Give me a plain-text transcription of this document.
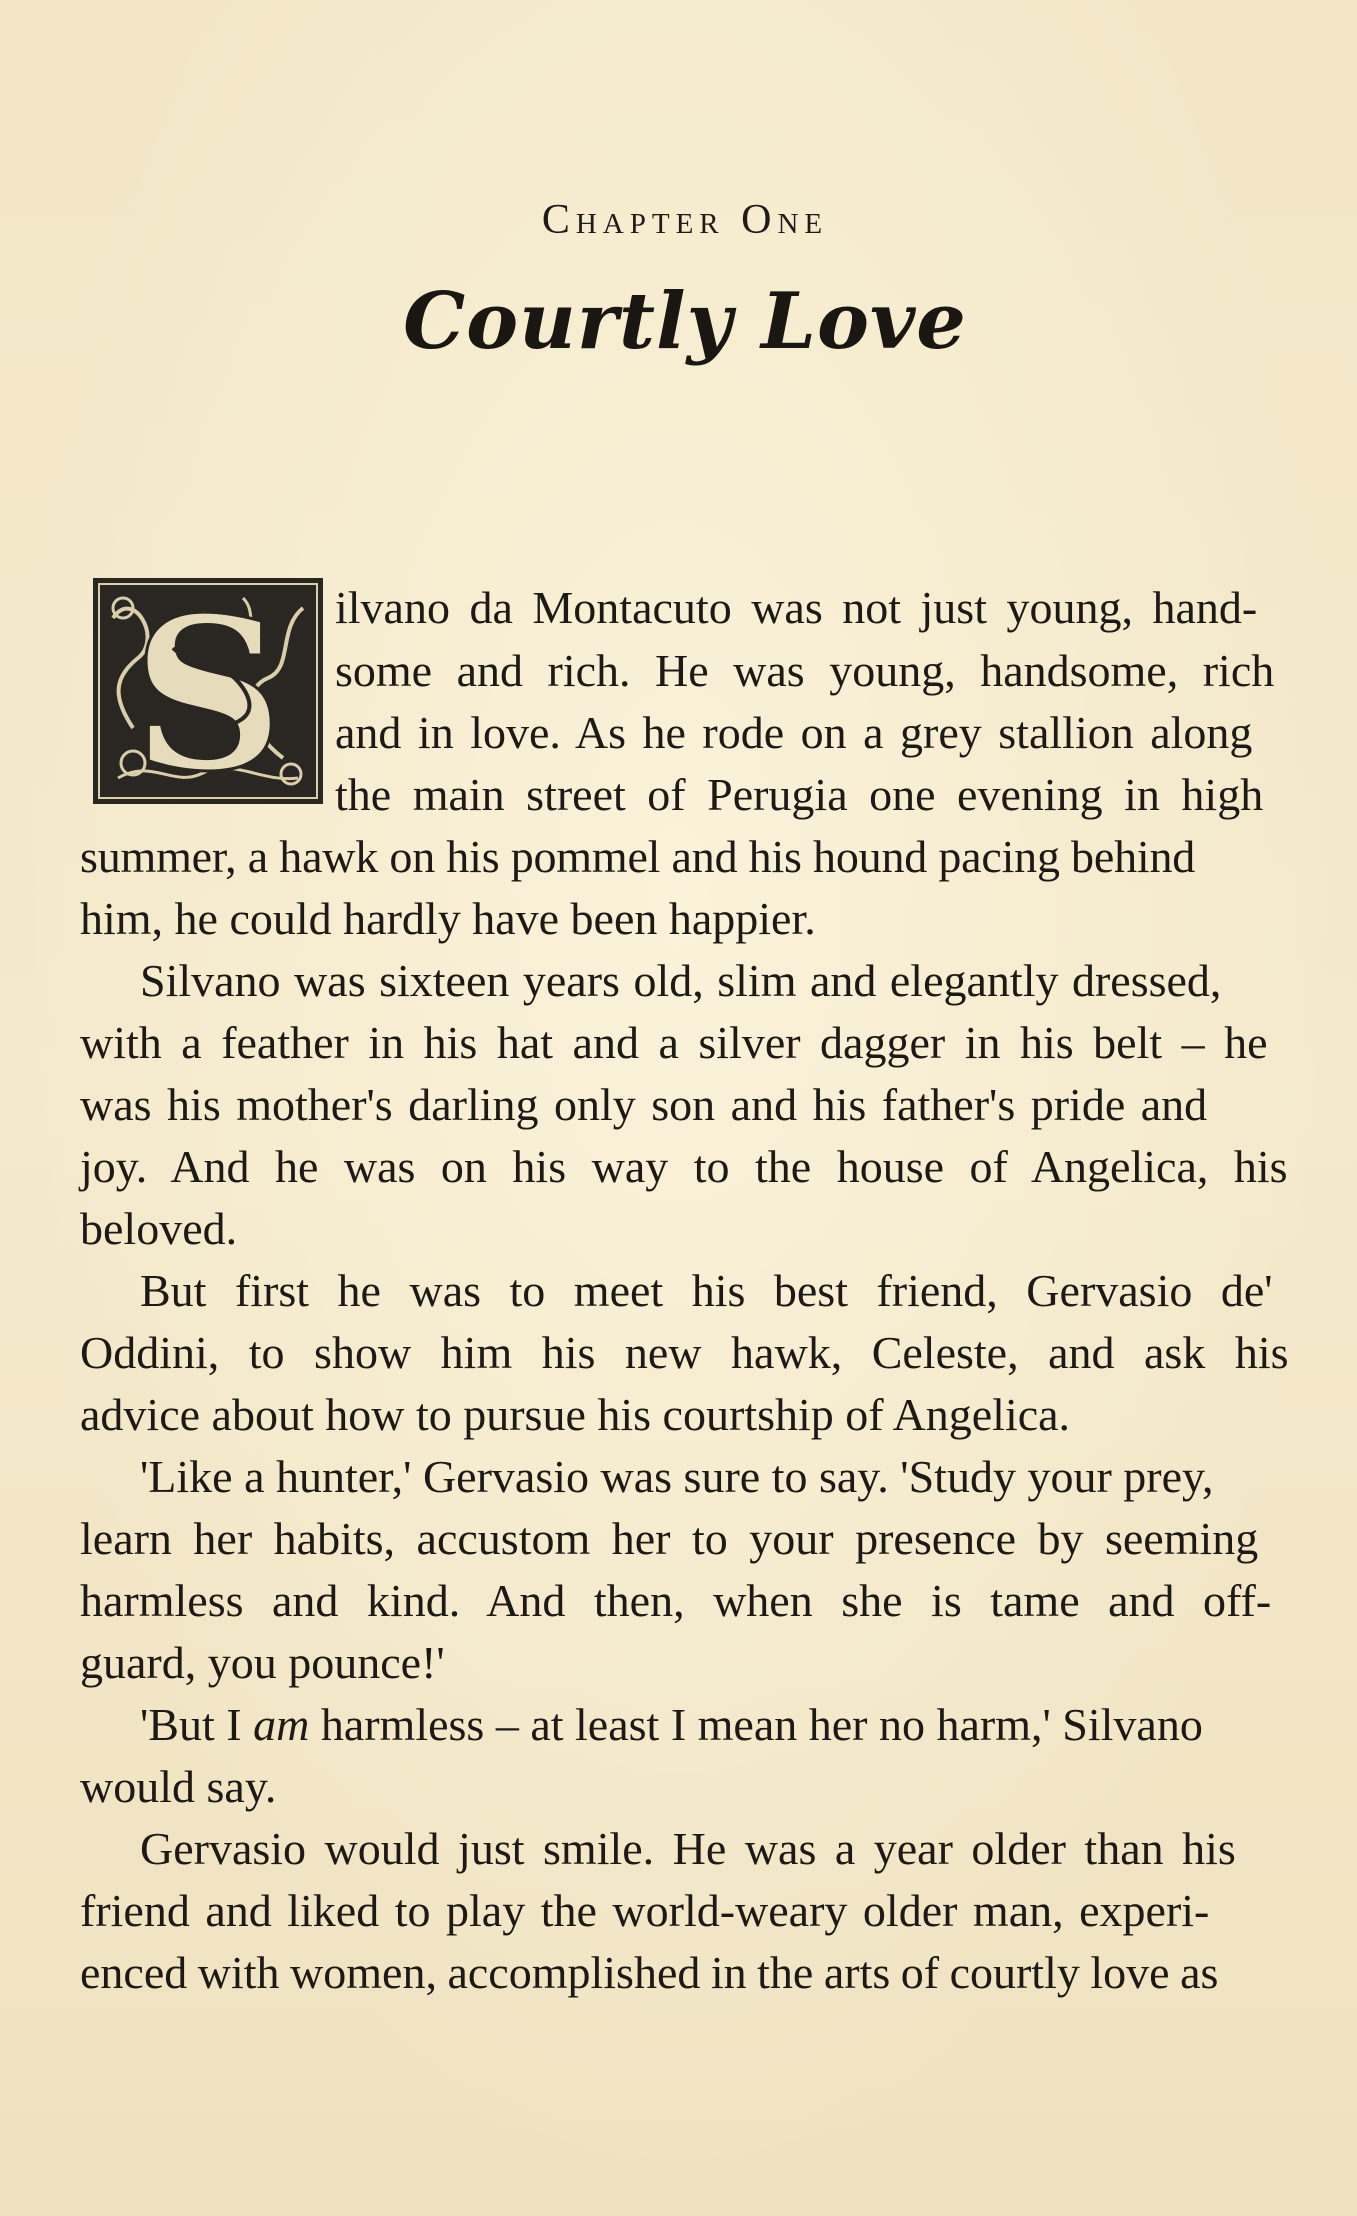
Chapter One
Courtly Love
S ilvano da Montacuto was not just young, hand-
some and rich. He was young, handsome, rich
and in love. As he rode on a grey stallion along
the main street of Perugia one evening in high
summer, a hawk on his pommel and his hound pacing behind
him, he could hardly have been happier.
Silvano was sixteen years old, slim and elegantly dressed,
with a feather in his hat and a silver dagger in his belt – he
was his mother's darling only son and his father's pride and
joy. And he was on his way to the house of Angelica, his
beloved.
But first he was to meet his best friend, Gervasio de'
Oddini, to show him his new hawk, Celeste, and ask his
advice about how to pursue his courtship of Angelica.
'Like a hunter,' Gervasio was sure to say. 'Study your prey,
learn her habits, accustom her to your presence by seeming
harmless and kind. And then, when she is tame and off-
guard, you pounce!'
'But I am harmless – at least I mean her no harm,' Silvano
would say.
Gervasio would just smile. He was a year older than his
friend and liked to play the world-weary older man, experi-
enced with women, accomplished in the arts of courtly love as
